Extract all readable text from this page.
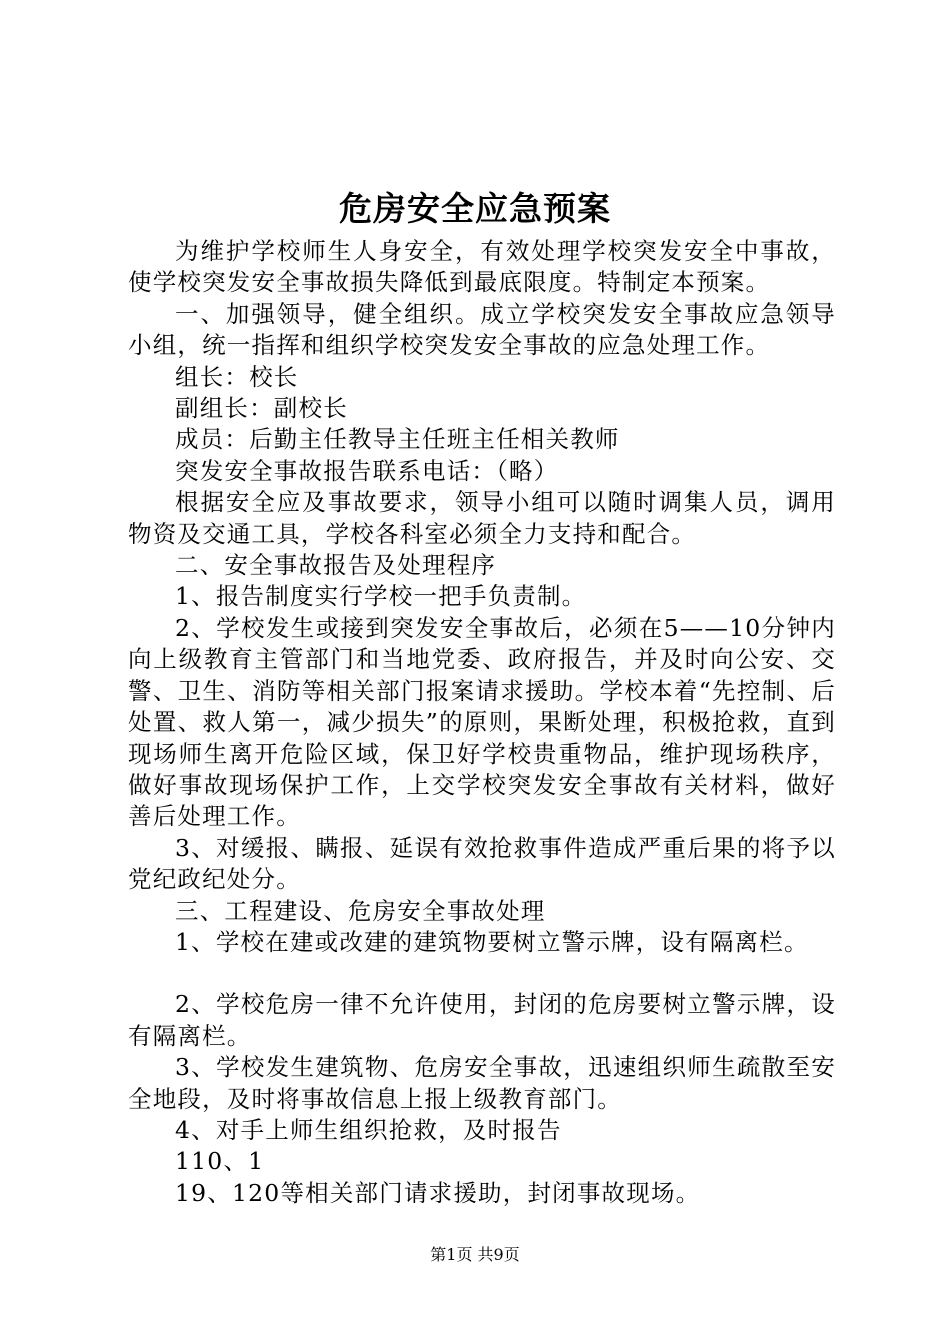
危房安全应急预案

为维护学校师生人身安全，有效处理学校突发安全中事故，使学校突发安全事故损失降低到最底限度。特制定本预案。

一、加强领导，健全组织。成立学校突发安全事故应急领导小组，统一指挥和组织学校突发安全事故的应急处理工作。

组长：校长

副组长：副校长

成员：后勤主任教导主任班主任相关教师

突发安全事故报告联系电话：（略）

根据安全应及事故要求，领导小组可以随时调集人员，调用物资及交通工具，学校各科室必须全力支持和配合。

二、安全事故报告及处理程序

1、报告制度实行学校一把手负责制。

2、学校发生或接到突发安全事故后，必须在5——10分钟内向上级教育主管部门和当地党委、政府报告，并及时向公安、交警、卫生、消防等相关部门报案请求援助。学校本着“先控制、后处置、救人第一，减少损失”的原则，果断处理，积极抢救，直到现场师生离开危险区域，保卫好学校贵重物品，维护现场秩序，做好事故现场保护工作，上交学校突发安全事故有关材料，做好善后处理工作。

3、对缓报、瞒报、延误有效抢救事件造成严重后果的将予以党纪政纪处分。

三、工程建设、危房安全事故处理

1、学校在建或改建的建筑物要树立警示牌，设有隔离栏。

2、学校危房一律不允许使用，封闭的危房要树立警示牌，设有隔离栏。

3、学校发生建筑物、危房安全事故，迅速组织师生疏散至安全地段，及时将事故信息上报上级教育部门。

4、对手上师生组织抢救，及时报告

110、1

19、120等相关部门请求援助，封闭事故现场。

第1页 共9页
